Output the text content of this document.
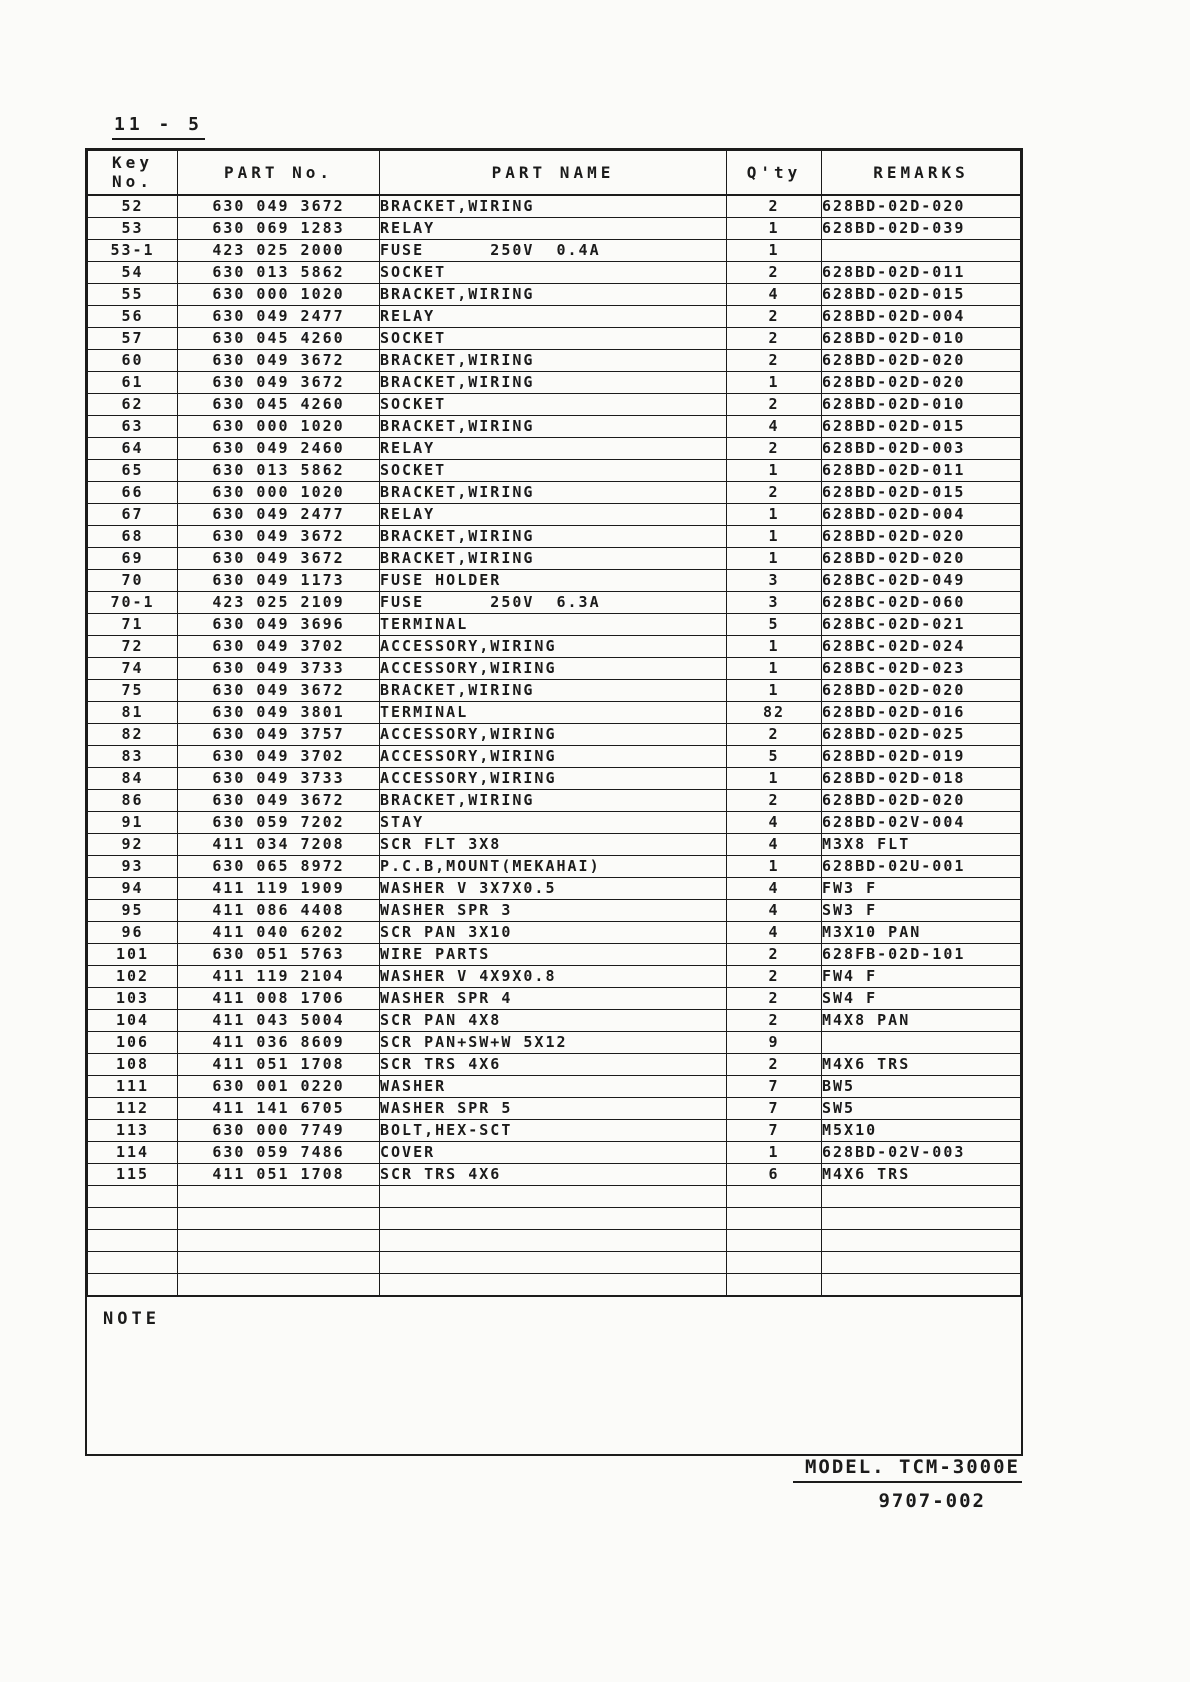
11 - 5
Key No.	PART No.	PART NAME	Q'ty	REMARKS
52	630 049 3672	BRACKET,WIRING	2	628BD-02D-020
53	630 069 1283	RELAY	1	628BD-02D-039
53-1	423 025 2000	FUSE      250V  0.4A	1	
54	630 013 5862	SOCKET	2	628BD-02D-011
55	630 000 1020	BRACKET,WIRING	4	628BD-02D-015
56	630 049 2477	RELAY	2	628BD-02D-004
57	630 045 4260	SOCKET	2	628BD-02D-010
60	630 049 3672	BRACKET,WIRING	2	628BD-02D-020
61	630 049 3672	BRACKET,WIRING	1	628BD-02D-020
62	630 045 4260	SOCKET	2	628BD-02D-010
63	630 000 1020	BRACKET,WIRING	4	628BD-02D-015
64	630 049 2460	RELAY	2	628BD-02D-003
65	630 013 5862	SOCKET	1	628BD-02D-011
66	630 000 1020	BRACKET,WIRING	2	628BD-02D-015
67	630 049 2477	RELAY	1	628BD-02D-004
68	630 049 3672	BRACKET,WIRING	1	628BD-02D-020
69	630 049 3672	BRACKET,WIRING	1	628BD-02D-020
70	630 049 1173	FUSE HOLDER	3	628BC-02D-049
70-1	423 025 2109	FUSE      250V  6.3A	3	628BC-02D-060
71	630 049 3696	TERMINAL	5	628BC-02D-021
72	630 049 3702	ACCESSORY,WIRING	1	628BC-02D-024
74	630 049 3733	ACCESSORY,WIRING	1	628BC-02D-023
75	630 049 3672	BRACKET,WIRING	1	628BD-02D-020
81	630 049 3801	TERMINAL	82	628BD-02D-016
82	630 049 3757	ACCESSORY,WIRING	2	628BD-02D-025
83	630 049 3702	ACCESSORY,WIRING	5	628BD-02D-019
84	630 049 3733	ACCESSORY,WIRING	1	628BD-02D-018
86	630 049 3672	BRACKET,WIRING	2	628BD-02D-020
91	630 059 7202	STAY	4	628BD-02V-004
92	411 034 7208	SCR FLT 3X8	4	M3X8 FLT
93	630 065 8972	P.C.B,MOUNT(MEKAHAI)	1	628BD-02U-001
94	411 119 1909	WASHER V 3X7X0.5	4	FW3 F
95	411 086 4408	WASHER SPR 3	4	SW3 F
96	411 040 6202	SCR PAN 3X10	4	M3X10 PAN
101	630 051 5763	WIRE PARTS	2	628FB-02D-101
102	411 119 2104	WASHER V 4X9X0.8	2	FW4 F
103	411 008 1706	WASHER SPR 4	2	SW4 F
104	411 043 5004	SCR PAN 4X8	2	M4X8 PAN
106	411 036 8609	SCR PAN+SW+W 5X12	9	
108	411 051 1708	SCR TRS 4X6	2	M4X6 TRS
111	630 001 0220	WASHER	7	BW5
112	411 141 6705	WASHER SPR 5	7	SW5
113	630 000 7749	BOLT,HEX-SCT	7	M5X10
114	630 059 7486	COVER	1	628BD-02V-003
115	411 051 1708	SCR TRS 4X6	6	M4X6 TRS

NOTE
MODEL. TCM-3000E
9707-002
